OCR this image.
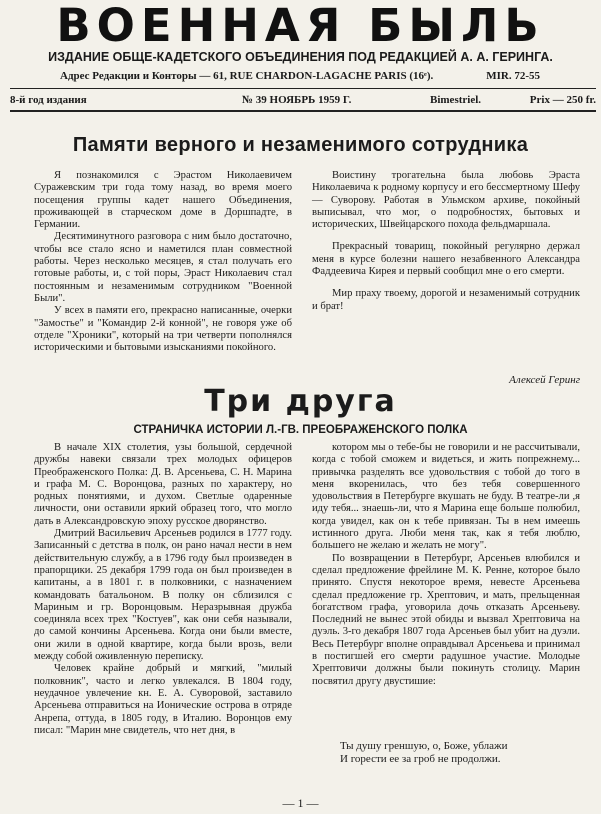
ВОЕННАЯ БЫЛЬ
ИЗДАНИЕ ОБЩЕ-КАДЕТСКОГО ОБЪЕДИНЕНИЯ ПОД РЕДАКЦИЕЙ А. А. ГЕРИНГА.
Адрес Редакции и Конторы — 61, RUE CHARDON-LAGACHE PARIS (16ᵉ).	MIR. 72-55
8-й год издания	№ 39 НОЯБРЬ 1959 Г.	Bimestriel.	Prix — 250 fr.
Памяти верного и незаменимого сотрудника

Я познакомился с Эрастом Николаевичем Суражевским три года тому назад, во время моего посещения группы кадет нашего Объединения, проживающей в старческом доме в Доршпадте, в Германии.

Десятиминутного разговора с ним было достаточно, чтобы все стало ясно и наметился план совместной работы. Через несколько месяцев, я стал получать его готовые работы, и, с той поры, Эраст Николаевич стал постоянным и незаменимым сотрудником "Военной Были".

У всех в памяти его, прекрасно написанные, очерки "Замостье" и "Командир 2-й конной", не говоря уже об отделе "Хроники", который на три четверти пополнялся историческими и бытовыми изысканиями покойного.

Воистину трогательна была любовь Эраста Николаевича к родному корпусу и его бессмертному Шефу — Суворову. Работая в Ульмском архиве, покойный выписывал, что мог, о подробностях, бытовых и исторических, Швейцарского похода фельдмаршала.

Прекрасный товарищ, покойный регулярно держал меня в курсе болезни нашего незабвенного Александра Фаддеевича Кирея и первый сообщил мне о его смерти.

Мир праху твоему, дорогой и незаменимый сотрудник и брат!

Алексей Геринг
Три друга
СТРАНИЧКА ИСТОРИИ Л.-ГВ. ПРЕОБРАЖЕНСКОГО ПОЛКА

В начале XIX столетия, узы большой, сердечной дружбы навеки связали трех молодых офицеров Преображенского Полка: Д. В. Арсеньева, С. Н. Марина и графа М. С. Воронцова, разных по характеру, но родных понятиями, и духом. Светлые одаренные личности, они оставили яркий образец того, что могло дать в Александровскую эпоху русское дворянство.

Дмитрий Васильевич Арсеньев родился в 1777 году. Записанный с детства в полк, он рано начал нести в нем действительную службу, а в 1796 году был произведен в прапорщики. 25 декабря 1799 года он был произведен в капитаны, а в 1801 г. в полковники, с назначением командовать батальоном. В полку он сблизился с Мариным и гр. Воронцовым. Неразрывная дружба соединяла всех трех "Костуев", как они себя называли, до самой кончины Арсеньева. Когда они были вместе, они жили в одной квартире, когда были врозь, вели между собой оживленную переписку.

Человек крайне добрый и мягкий, "милый полковник", часто и легко увлекался. В 1804 году, неудачное увлечение кн. Е. А. Суворовой, заставило Арсеньева отправиться на Ионические острова в отряде Анрепа, оттуда, в 1805 году, в Италию. Воронцов ему писал: "Марин мне свидетель, что нет дня, в

котором мы о тебе-бы не говорили и не рассчитывали, когда с тобой сможем и видеться, и жить попрежнему... привычка разделять все удовольствия с тобой до того в меня вкоренилась, что без тебя совершенного удовольствия в Петербурге вкушать не буду. В театре-ли ,я иду тебя... знаешь-ли, что я Марина еще больше полюбил, когда увидел, как он к тебе привязан. Ты в нем имеешь истинного друга. Люби меня так, как я тебя люблю, большего не желаю и желать не могу".

По возвращении в Петербург, Арсеньев влюбился и сделал предложение фрейлине М. К. Ренне, которое было принято. Спустя некоторое время, невесте Арсеньева сделал предложение гр. Хрептович, и мать, прельщенная богатством графа, уговорила дочь отказать Арсеньеву. Последний не вынес этой обиды и вызвал Хрептовича на дуэль. 3-го декабря 1807 года Арсеньев был убит на дуэли. Весь Петербург вполне оправдывал Арсеньева и принимал в постигшей его смерти радушное участие. Молодые Хрептовичи должны были покинуть столицу. Марин посвятил другу двустишие:

Ты душу греншую, о, Боже, ублажи
И горести ее за гроб не продолжи.
— 1 —
